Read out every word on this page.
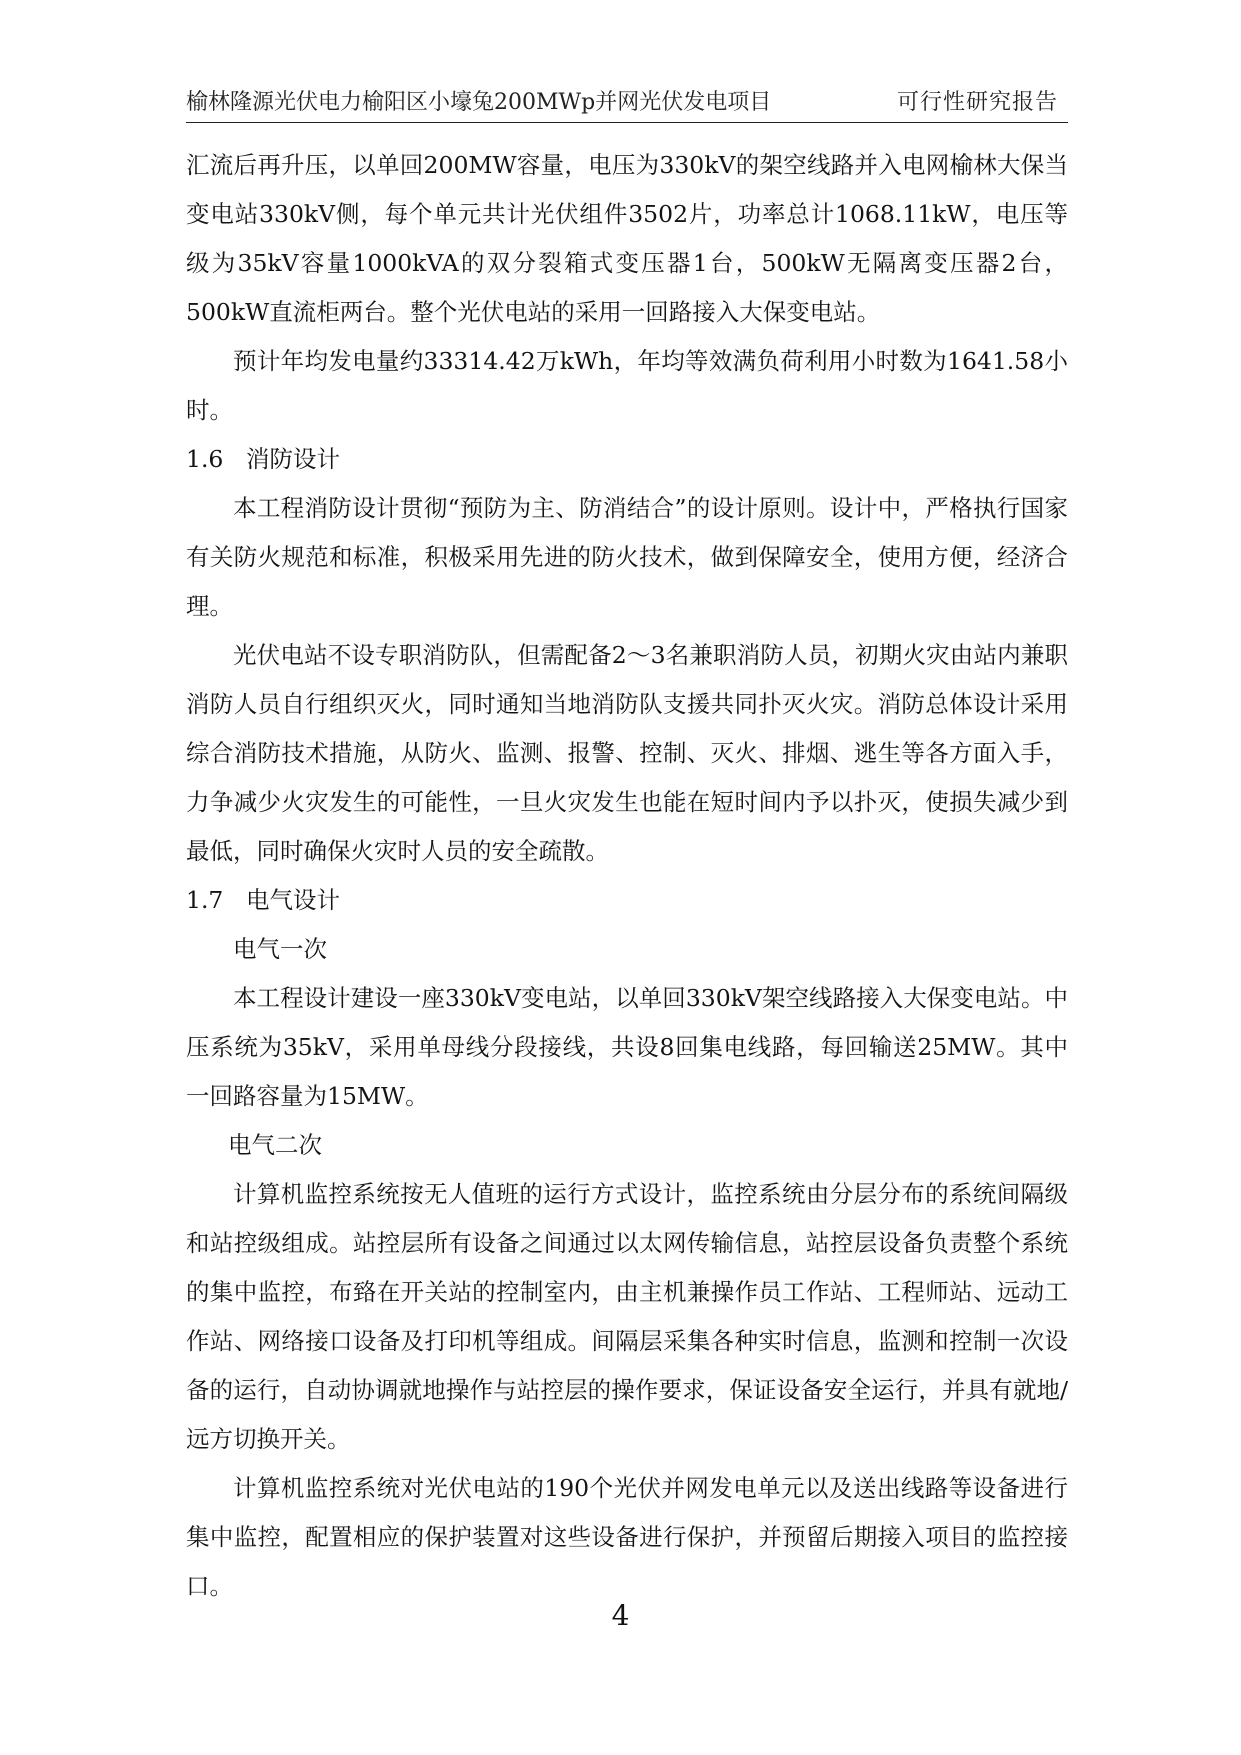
榆林隆源光伏电力榆阳区小壕兔200MWp并网光伏发电项目	可行性研究报告

汇流后再升压，以单回200MW容量，电压为330kV的架空线路并入电网榆林大保当变电站330kV侧，每个单元共计光伏组件3502片，功率总计1068.11kW，电压等级为35kV容量1000kVA的双分裂箱式变压器1台，500kW无隔离变压器2台，500kW直流柜两台。整个光伏电站的采用一回路接入大保变电站。

预计年均发电量约33314.42万kWh，年均等效满负荷利用小时数为1641.58小时。

1.6 消防设计

本工程消防设计贯彻“预防为主、防消结合”的设计原则。设计中，严格执行国家有关防火规范和标准，积极采用先进的防火技术，做到保障安全，使用方便，经济合理。

光伏电站不设专职消防队，但需配备2～3名兼职消防人员，初期火灾由站内兼职消防人员自行组织灭火，同时通知当地消防队支援共同扑灭火灾。消防总体设计采用综合消防技术措施，从防火、监测、报警、控制、灭火、排烟、逃生等各方面入手，力争减少火灾发生的可能性，一旦火灾发生也能在短时间内予以扑灭，使损失减少到最低，同时确保火灾时人员的安全疏散。

1.7 电气设计

电气一次

本工程设计建设一座330kV变电站，以单回330kV架空线路接入大保变电站。中压系统为35kV，采用单母线分段接线，共设8回集电线路，每回输送25MW。其中一回路容量为15MW。

电气二次

计算机监控系统按无人值班的运行方式设计，监控系统由分层分布的系统间隔级和站控级组成。站控层所有设备之间通过以太网传输信息，站控层设备负责整个系统的集中监控，布臵在开关站的控制室内，由主机兼操作员工作站、工程师站、远动工作站、网络接口设备及打印机等组成。间隔层采集各种实时信息，监测和控制一次设备的运行，自动协调就地操作与站控层的操作要求，保证设备安全运行，并具有就地/远方切换开关。

计算机监控系统对光伏电站的190个光伏并网发电单元以及送出线路等设备进行集中监控，配置相应的保护装置对这些设备进行保护，并预留后期接入项目的监控接口。

4
